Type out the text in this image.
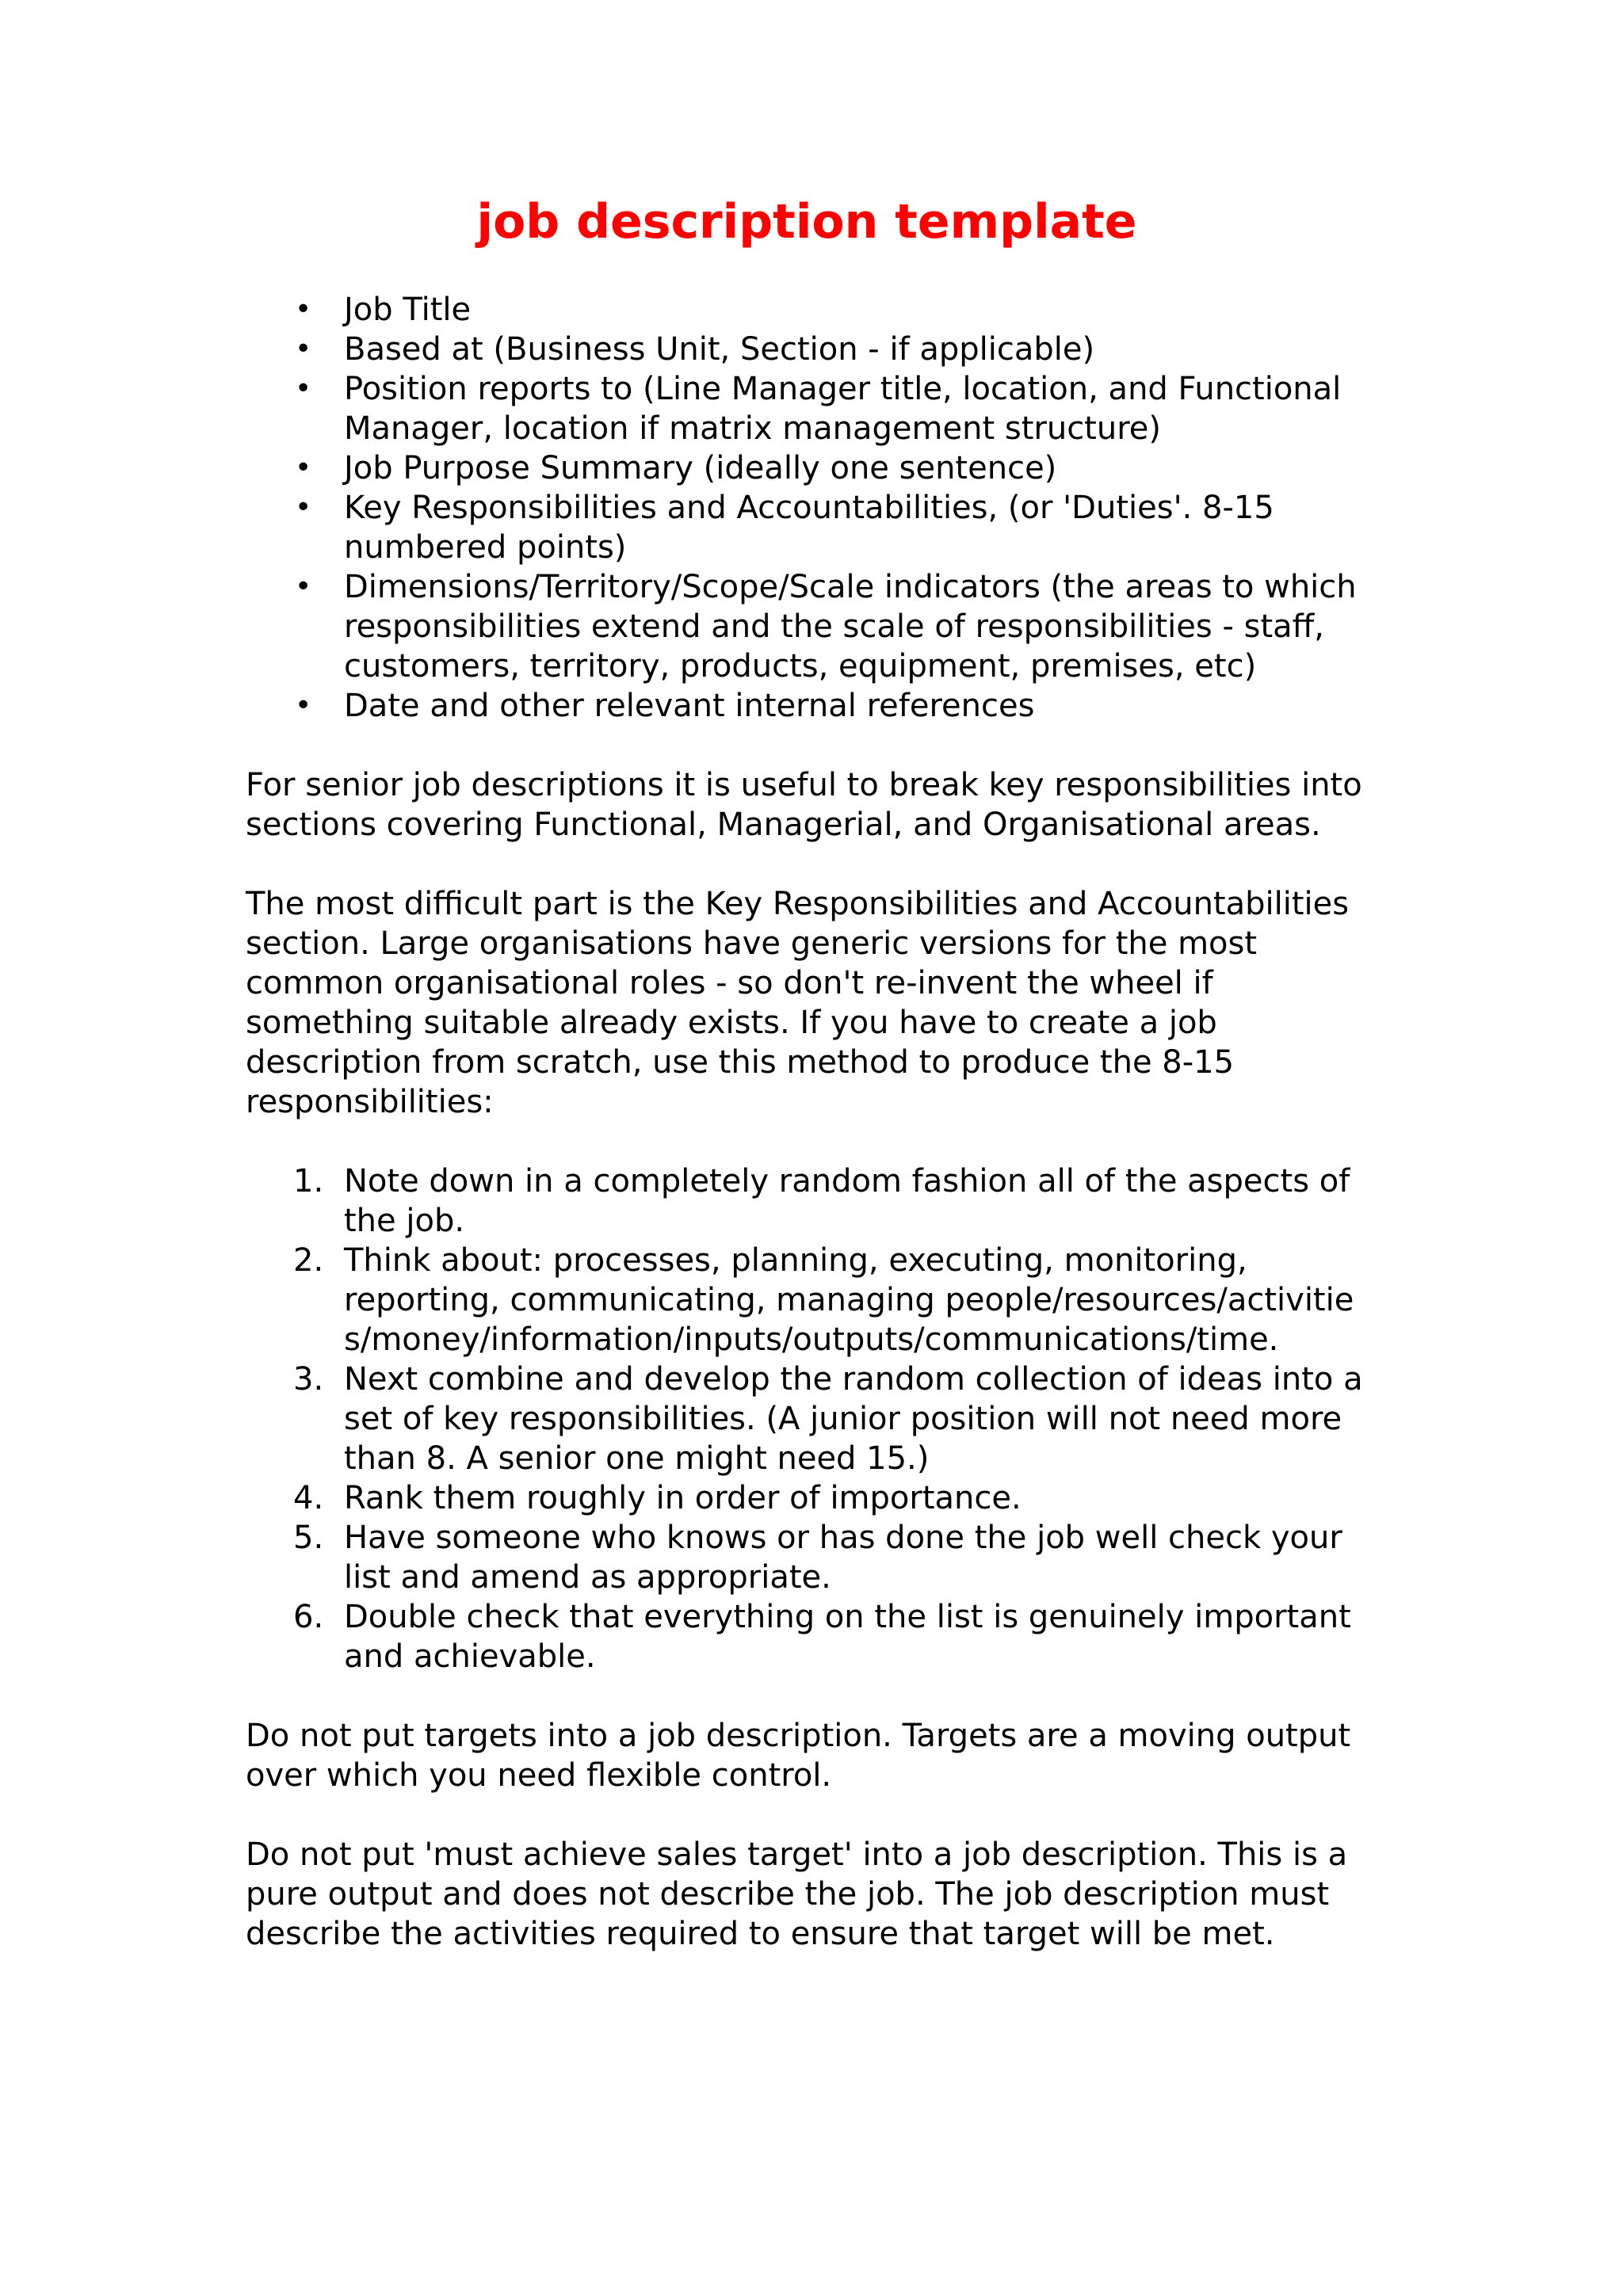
job description template
• Job Title
• Based at (Business Unit, Section - if applicable)
• Position reports to (Line Manager title, location, and Functional Manager, location if matrix management structure)
• Job Purpose Summary (ideally one sentence)
• Key Responsibilities and Accountabilities, (or 'Duties'. 8-15 numbered points)
• Dimensions/Territory/Scope/Scale indicators (the areas to which responsibilities extend and the scale of responsibilities - staff, customers, territory, products, equipment, premises, etc)
• Date and other relevant internal references

For senior job descriptions it is useful to break key responsibilities into sections covering Functional, Managerial, and Organisational areas.

The most difficult part is the Key Responsibilities and Accountabilities section. Large organisations have generic versions for the most common organisational roles - so don't re-invent the wheel if something suitable already exists. If you have to create a job description from scratch, use this method to produce the 8-15 responsibilities:

1. Note down in a completely random fashion all of the aspects of the job.
2. Think about: processes, planning, executing, monitoring, reporting, communicating, managing people/resources/activities/money/information/inputs/outputs/communications/time.
3. Next combine and develop the random collection of ideas into a set of key responsibilities. (A junior position will not need more than 8. A senior one might need 15.)
4. Rank them roughly in order of importance.
5. Have someone who knows or has done the job well check your list and amend as appropriate.
6. Double check that everything on the list is genuinely important and achievable.

Do not put targets into a job description. Targets are a moving output over which you need flexible control.

Do not put 'must achieve sales target' into a job description. This is a pure output and does not describe the job. The job description must describe the activities required to ensure that target will be met.
